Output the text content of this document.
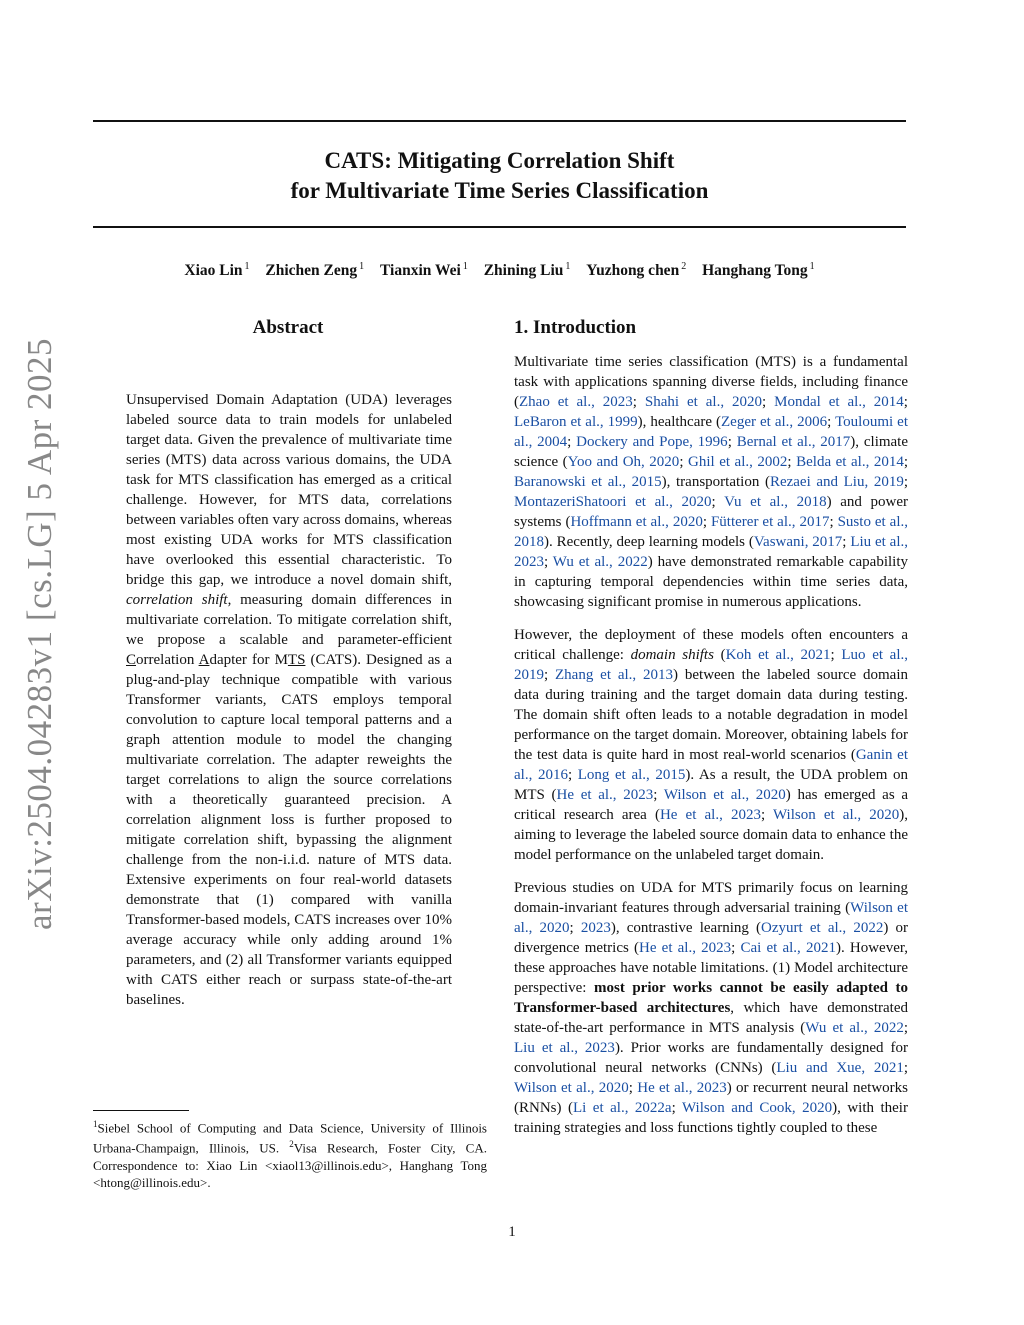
CATS: Mitigating Correlation Shift
for Multivariate Time Series Classification
Xiao Lin $^1$ Zhichen Zeng $^1$ Tianxin Wei $^1$ Zhining Liu $^1$ Yuzhong chen $^2$ Hanghang Tong $^1$
arXiv:2504.04283v1 [cs.LG] 5 Apr 2025
Abstract
Unsupervised Domain Adaptation (UDA) leverages labeled source data to train models for unlabeled target data. Given the prevalence of multivariate time series (MTS) data across various domains, the UDA task for MTS classification has emerged as a critical challenge. However, for MTS data, correlations between variables often vary across domains, whereas most existing UDA works for MTS classification have overlooked this essential characteristic. To bridge this gap, we introduce a novel domain shift, correlation shift, measuring domain differences in multivariate correlation. To mitigate correlation shift, we propose a scalable and parameter-efficient Correlation Adapter for MTS (CATS). Designed as a plug-and-play technique compatible with various Transformer variants, CATS employs temporal convolution to capture local temporal patterns and a graph attention module to model the changing multivariate correlation. The adapter reweights the target correlations to align the source correlations with a theoretically guaranteed precision. A correlation alignment loss is further proposed to mitigate correlation shift, bypassing the alignment challenge from the non-i.i.d. nature of MTS data. Extensive experiments on four real-world datasets demonstrate that (1) compared with vanilla Transformer-based models, CATS increases over 10% average accuracy while only adding around 1% parameters, and (2) all Transformer variants equipped with CATS either reach or surpass state-of-the-art baselines.
1. Introduction

Multivariate time series classification (MTS) is a fundamental task with applications spanning diverse fields, including finance (Zhao et al., 2023; Shahi et al., 2020; Mondal et al., 2014; LeBaron et al., 1999), healthcare (Zeger et al., 2006; Touloumi et al., 2004; Dockery and Pope, 1996; Bernal et al., 2017), climate science (Yoo and Oh, 2020; Ghil et al., 2002; Belda et al., 2014; Baranowski et al., 2015), transportation (Rezaei and Liu, 2019; MontazeriShatoori et al., 2020; Vu et al., 2018) and power systems (Hoffmann et al., 2020; Fütterer et al., 2017; Susto et al., 2018). Recently, deep learning models (Vaswani, 2017; Liu et al., 2023; Wu et al., 2022) have demonstrated remarkable capability in capturing temporal dependencies within time series data, showcasing significant promise in numerous applications.

However, the deployment of these models often encounters a critical challenge: domain shifts (Koh et al., 2021; Luo et al., 2019; Zhang et al., 2013) between the labeled source domain data during training and the target domain data during testing. The domain shift often leads to a notable degradation in model performance on the target domain. Moreover, obtaining labels for the test data is quite hard in most real-world scenarios (Ganin et al., 2016; Long et al., 2015). As a result, the UDA problem on MTS (He et al., 2023; Wilson et al., 2020) has emerged as a critical research area (He et al., 2023; Wilson et al., 2020), aiming to leverage the labeled source domain data to enhance the model performance on the unlabeled target domain.

Previous studies on UDA for MTS primarily focus on learning domain-invariant features through adversarial training (Wilson et al., 2020; 2023), contrastive learning (Ozyurt et al., 2022) or divergence metrics (He et al., 2023; Cai et al., 2021). However, these approaches have notable limitations. (1) Model architecture perspective: most prior works cannot be easily adapted to Transformer-based architectures, which have demonstrated state-of-the-art performance in MTS analysis (Wu et al., 2022; Liu et al., 2023). Prior works are fundamentally designed for convolutional neural networks (CNNs) (Liu and Xue, 2021; Wilson et al., 2020; He et al., 2023) or recurrent neural networks (RNNs) (Li et al., 2022a; Wilson and Cook, 2020), with their training strategies and loss functions tightly coupled to these

$^1$Siebel School of Computing and Data Science, University of Illinois Urbana-Champaign, Illinois, US. $^2$Visa Research, Foster City, CA. Correspondence to: Xiao Lin <xiaol13@illinois.edu>, Hanghang Tong <htong@illinois.edu>.
1
